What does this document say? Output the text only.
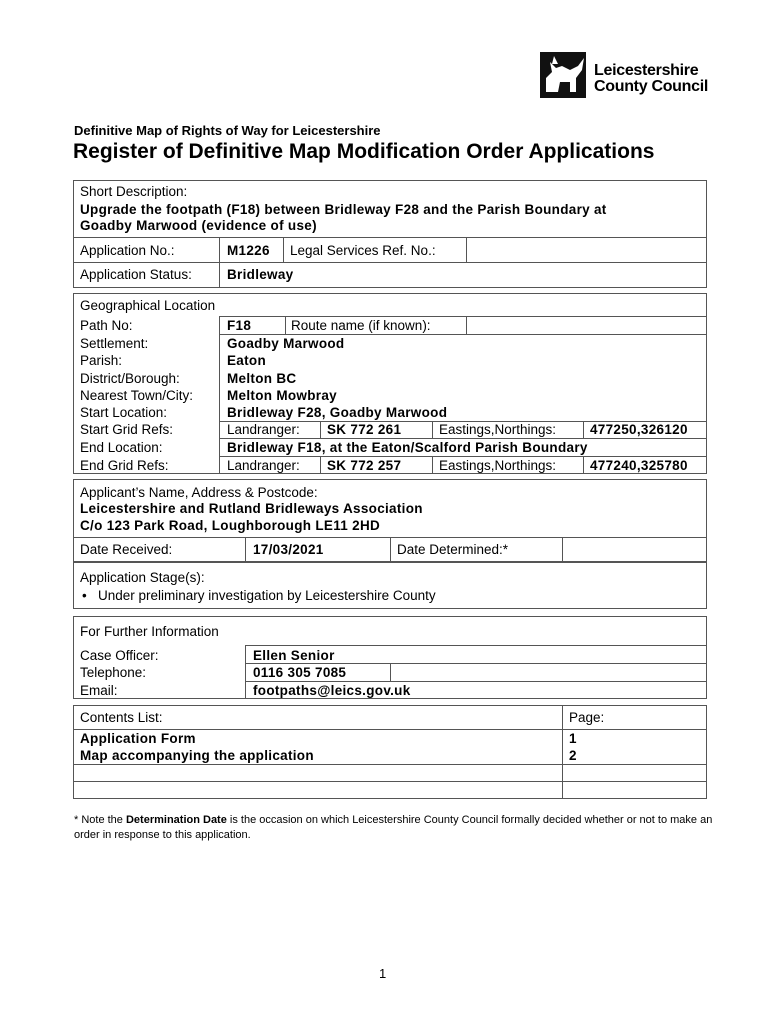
Leicestershire
County Council
Definitive Map of Rights of Way for Leicestershire
Register of Definitive Map Modification Order Applications
Short Description:
Upgrade the footpath (F18) between Bridleway F28 and the Parish Boundary at
Goadby Marwood (evidence of use)
Application No.:	M1226 Legal Services Ref. No.:
Application Status:	Bridleway
Geographical Location
Path No:	F18	Route name (if known):
Settlement:	Goadby Marwood
Parish:	Eaton
District/Borough:	Melton BC
Nearest Town/City:	Melton Mowbray
Start Location:	Bridleway F28, Goadby Marwood
Start Grid Refs:	Landranger: SK 772 261	Eastings,Northings:	477250,326120
End Location:	Bridleway F18, at the Eaton/Scalford Parish Boundary
End Grid Refs:	Landranger: SK 772 257	Eastings,Northings:	477240,325780
Applicant’s Name, Address & Postcode:
Leicestershire and Rutland Bridleways Association
C/o 123 Park Road, Loughborough LE11 2HD
Date Received:	17/03/2021	Date Determined:*
Application Stage(s):
• Under preliminary investigation by Leicestershire County
For Further Information
Case Officer:	Ellen Senior
Telephone:	0116 305 7085
Email:	footpaths@leics.gov.uk
Contents List:	Page:
Application Form	1
Map accompanying the application	2
* Note the Determination Date is the occasion on which Leicestershire County Council formally decided whether or not to make an order in response to this application.
1
